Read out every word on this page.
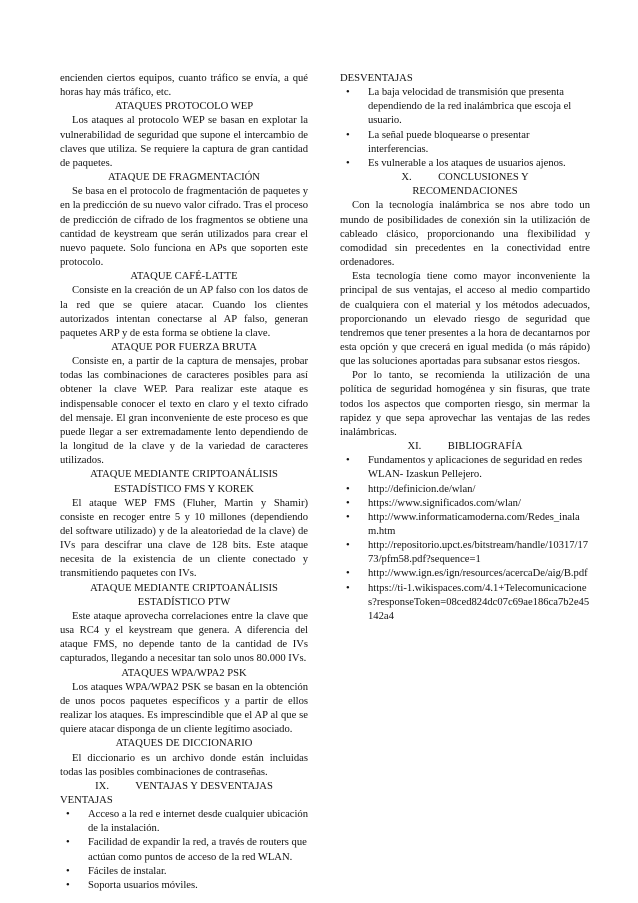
encienden ciertos equipos, cuanto tráfico se envía, a qué horas hay más tráfico, etc.

ATAQUES PROTOCOLO WEP

Los ataques al protocolo WEP se basan en explotar la vulnerabilidad de seguridad que supone el intercambio de claves que utiliza. Se requiere la captura de gran cantidad de paquetes.

ATAQUE DE FRAGMENTACIÓN

Se basa en el protocolo de fragmentación de paquetes y en la predicción de su nuevo valor cifrado. Tras el proceso de predicción de cifrado de los fragmentos se obtiene una cantidad de keystream que serán utilizados para crear el nuevo paquete. Solo funciona en APs que soporten este protocolo.

ATAQUE CAFÉ-LATTE

Consiste en la creación de un AP falso con los datos de la red que se quiere atacar. Cuando los clientes autorizados intentan conectarse al AP falso, generan paquetes ARP y de esta forma se obtiene la clave.

ATAQUE POR FUERZA BRUTA

Consiste en, a partir de la captura de mensajes, probar todas las combinaciones de caracteres posibles para así obtener la clave WEP. Para realizar este ataque es indispensable conocer el texto en claro y el texto cifrado del mensaje. El gran inconveniente de este proceso es que puede llegar a ser extremadamente lento dependiendo de la longitud de la clave y de la variedad de caracteres utilizados.

ATAQUE MEDIANTE CRIPTOANÁLISIS

ESTADÍSTICO FMS Y KOREK

El ataque WEP FMS (Fluher, Martin y Shamir) consiste en recoger entre 5 y 10 millones (dependiendo del software utilizado) y de la aleatoriedad de la clave) de IVs para descifrar una clave de 128 bits. Este ataque necesita de la existencia de un cliente conectado y transmitiendo paquetes con IVs.

ATAQUE MEDIANTE CRIPTOANÁLISIS

ESTADÍSTICO PTW

Este ataque aprovecha correlaciones entre la clave que usa RC4 y el keystream que genera. A diferencia del ataque FMS, no depende tanto de la cantidad de IVs capturados, llegando a necesitar tan solo unos 80.000 IVs.

ATAQUES WPA/WPA2 PSK

Los ataques WPA/WPA2 PSK se basan en la obtención de unos pocos paquetes específicos y a partir de ellos realizar los ataques. Es imprescindible que el AP al que se quiere atacar disponga de un cliente legítimo asociado.

ATAQUES DE DICCIONARIO

El diccionario es un archivo donde están incluidas todas las posibles combinaciones de contraseñas.

IX.          VENTAJAS Y DESVENTAJAS

VENTAJAS

• Acceso a la red e internet desde cualquier ubicación de la instalación.
• Facilidad de expandir la red, a través de routers que actúan como puntos de acceso de la red WLAN.
• Fáciles de instalar.
• Soporta usuarios móviles.

DESVENTAJAS

• La baja velocidad de transmisión que presenta dependiendo de la red inalámbrica que escoja el usuario.
• La señal puede bloquearse o presentar interferencias.
• Es vulnerable a los ataques de usuarios ajenos.

X.          CONCLUSIONES Y

RECOMENDACIONES

Con la tecnología inalámbrica se nos abre todo un mundo de posibilidades de conexión sin la utilización de cableado clásico, proporcionando una flexibilidad y comodidad sin precedentes en la conectividad entre ordenadores.

Esta tecnología tiene como mayor inconveniente la principal de sus ventajas, el acceso al medio compartido de cualquiera con el material y los métodos adecuados, proporcionando un elevado riesgo de seguridad que tendremos que tener presentes a la hora de decantarnos por esta opción y que crecerá en igual medida (o más rápido) que las soluciones aportadas para subsanar estos riesgos.

Por lo tanto, se recomienda la utilización de una política de seguridad homogénea y sin fisuras, que trate todos los aspectos que comporten riesgo, sin mermar la rapidez y que sepa aprovechar las ventajas de las redes inalámbricas.

XI.          BIBLIOGRAFÍA

• Fundamentos y aplicaciones de seguridad en redes WLAN- Izaskun Pellejero.
• http://definicion.de/wlan/
• https://www.significados.com/wlan/
• http://www.informaticamoderna.com/Redes_inalam.htm
• http://repositorio.upct.es/bitstream/handle/10317/1773/pfm58.pdf?sequence=1
• http://www.ign.es/ign/resources/acercaDe/aig/B.pdf
• https://ti-1.wikispaces.com/4.1+Telecomunicaciones?responseToken=08ced824dc07c69ae186ca7b2e45142a4
